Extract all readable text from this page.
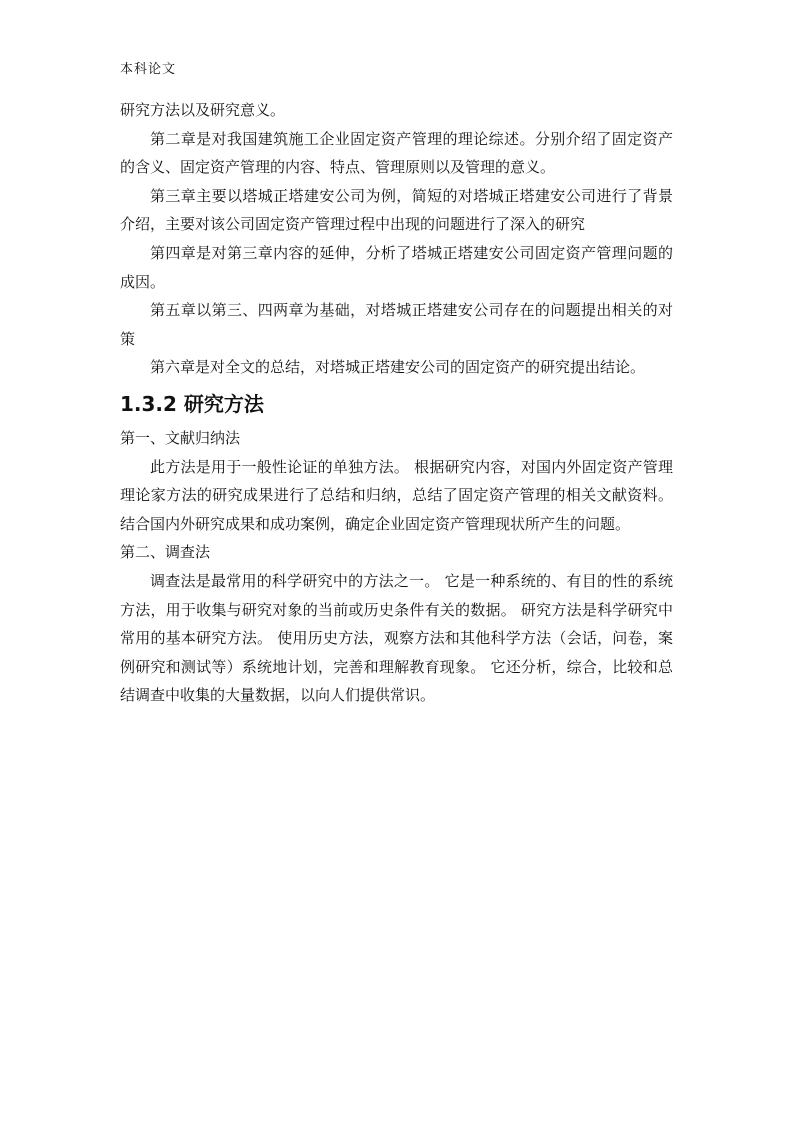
本科论文

研究方法以及研究意义。

第二章是对我国建筑施工企业固定资产管理的理论综述。分别介绍了固定资产的含义、固定资产管理的内容、特点、管理原则以及管理的意义。

第三章主要以塔城正塔建安公司为例，简短的对塔城正塔建安公司进行了背景介绍，主要对该公司固定资产管理过程中出现的问题进行了深入的研究

第四章是对第三章内容的延伸，分析了塔城正塔建安公司固定资产管理问题的成因。

第五章以第三、四两章为基础，对塔城正塔建安公司存在的问题提出相关的对策

第六章是对全文的总结，对塔城正塔建安公司的固定资产的研究提出结论。

1.3.2 研究方法

第一、文献归纳法

此方法是用于一般性论证的单独方法。 根据研究内容，对国内外固定资产管理理论家方法的研究成果进行了总结和归纳，总结了固定资产管理的相关文献资料。 结合国内外研究成果和成功案例，确定企业固定资产管理现状所产生的问题。

第二、调查法

调查法是最常用的科学研究中的方法之一。 它是一种系统的、有目的性的系统方法，用于收集与研究对象的当前或历史条件有关的数据。 研究方法是科学研究中常用的基本研究方法。 使用历史方法，观察方法和其他科学方法（会话，问卷，案例研究和测试等）系统地计划，完善和理解教育现象。 它还分析，综合，比较和总结调查中收集的大量数据，以向人们提供常识。
